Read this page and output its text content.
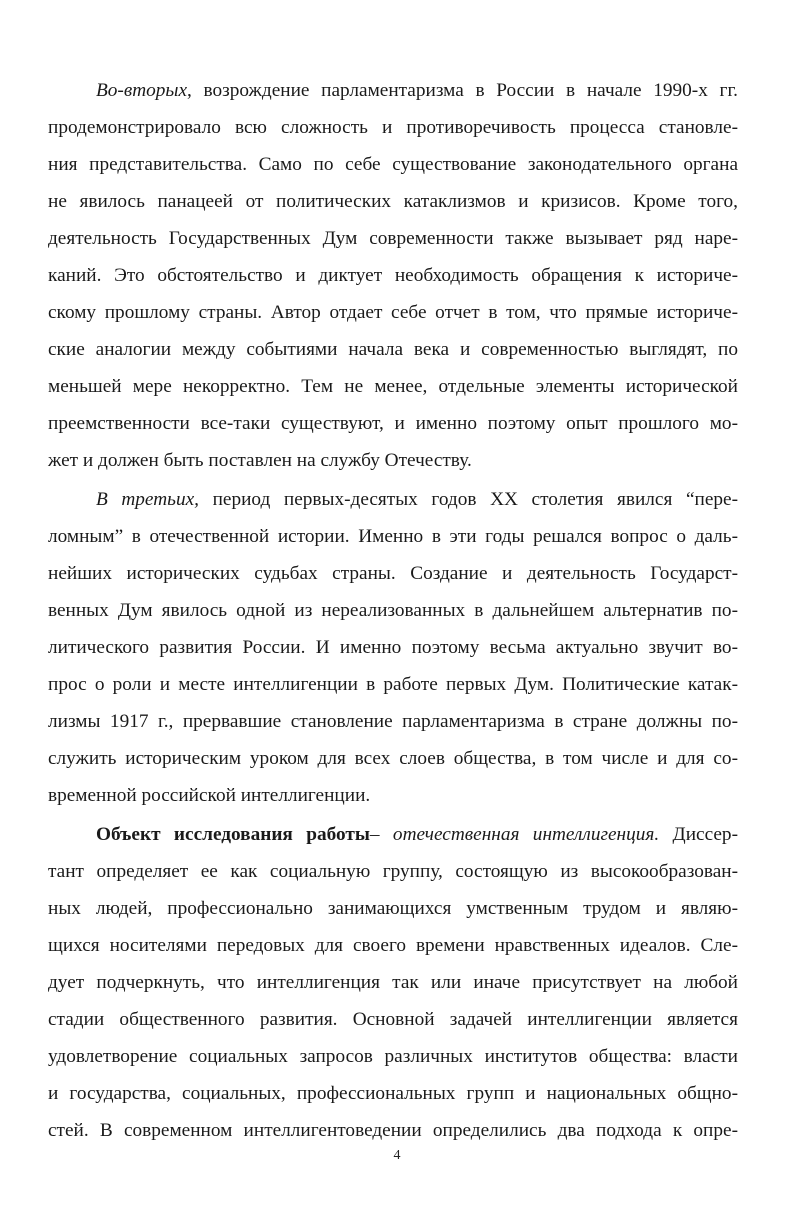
Во-вторых, возрождение парламентаризма в России в начале 1990-х гг.
продемонстрировало всю сложность и противоречивость процесса становле-
ния представительства. Само по себе существование законодательного органа
не явилось панацеей от политических катаклизмов и кризисов. Кроме того,
деятельность Государственных Дум современности также вызывает ряд наре-
каний. Это обстоятельство и диктует необходимость обращения к историче-
скому прошлому страны. Автор отдает себе отчет в том, что прямые историче-
ские аналогии между событиями начала века и современностью выглядят, по
меньшей мере некорректно. Тем не менее, отдельные элементы исторической
преемственности все-таки существуют, и именно поэтому опыт прошлого мо-
жет и должен быть поставлен на службу Отечеству.
В третьих, период первых-десятых годов XX столетия явился “пере-
ломным” в отечественной истории. Именно в эти годы решался вопрос о даль-
нейших исторических судьбах страны. Создание и деятельность Государст-
венных Дум явилось одной из нереализованных в дальнейшем альтернатив по-
литического развития России. И именно поэтому весьма актуально звучит во-
прос о роли и месте интеллигенции в работе первых Дум. Политические катак-
лизмы 1917 г., прервавшие становление парламентаризма в стране должны по-
служить историческим уроком для всех слоев общества, в том числе и для со-
временной российской интеллигенции.
Объект исследования работы– отечественная интеллигенция. Диссер-
тант определяет ее как социальную группу, состоящую из высокообразован-
ных людей, профессионально занимающихся умственным трудом и являю-
щихся носителями передовых для своего времени нравственных идеалов. Сле-
дует подчеркнуть, что интеллигенция так или иначе присутствует на любой
стадии общественного развития. Основной задачей интеллигенции является
удовлетворение социальных запросов различных институтов общества: власти
и государства, социальных, профессиональных групп и национальных общно-
стей. В современном интеллигентоведении определились два подхода к опре-
4
